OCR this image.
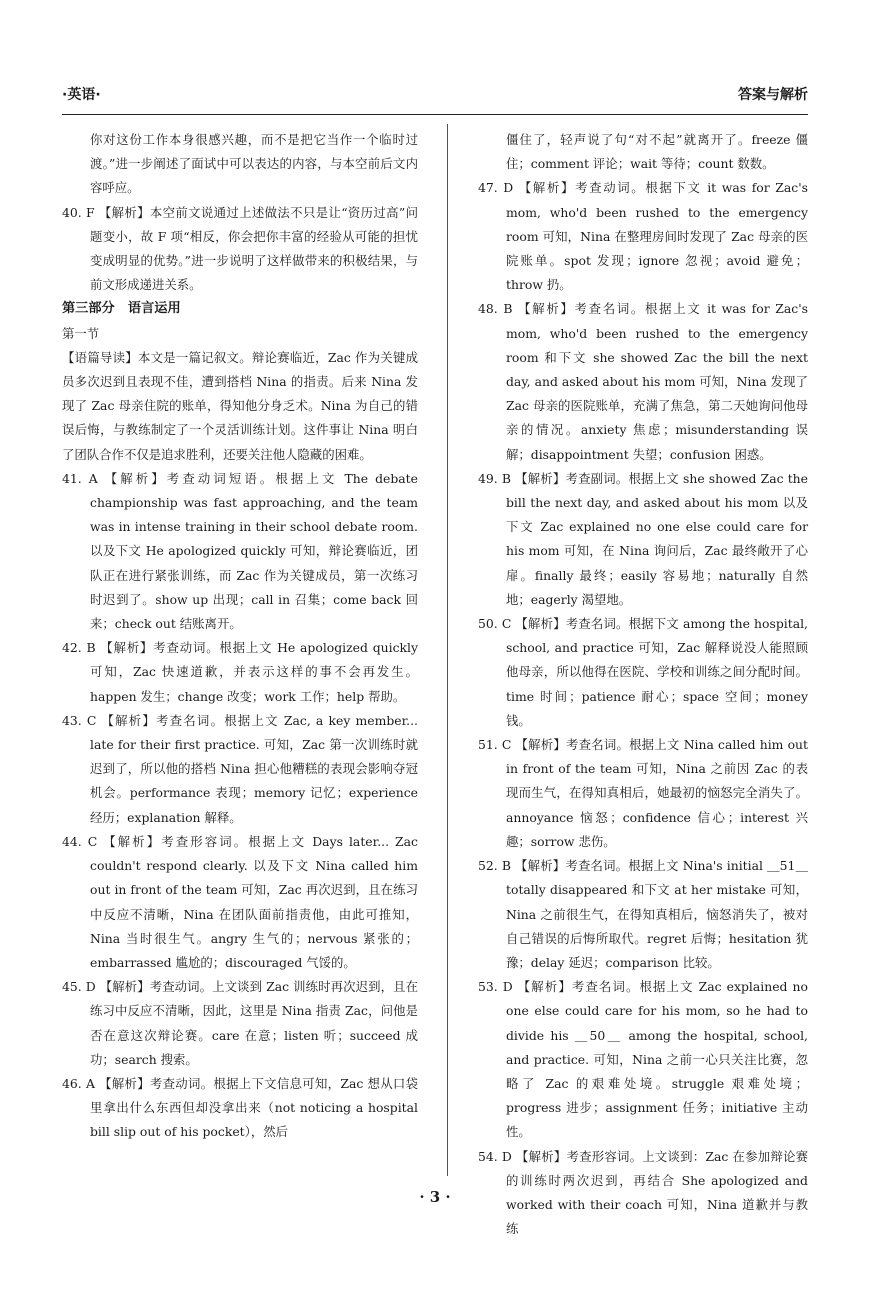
·英语·	答案与解析

你对这份工作本身很感兴趣，而不是把它当作一个临时过渡。”进一步阐述了面试中可以表达的内容，与本空前后文内容呼应。

40. F 【解析】本空前文说通过上述做法不只是让“资历过高”问题变小，故 F 项“相反，你会把你丰富的经验从可能的担忧变成明显的优势。”进一步说明了这样做带来的积极结果，与前文形成递进关系。

第三部分　语言运用

第一节

【语篇导读】本文是一篇记叙文。辩论赛临近，Zac 作为关键成员多次迟到且表现不佳，遭到搭档 Nina 的指责。后来 Nina 发现了 Zac 母亲住院的账单，得知他分身乏术。Nina 为自己的错误后悔，与教练制定了一个灵活训练计划。这件事让 Nina 明白了团队合作不仅是追求胜利，还要关注他人隐藏的困难。

41. A 【解析】考查动词短语。根据上文 The debate championship was fast approaching, and the team was in intense training in their school debate room. 以及下文 He apologized quickly 可知，辩论赛临近，团队正在进行紧张训练，而 Zac 作为关键成员，第一次练习时迟到了。show up 出现；call in 召集；come back 回来；check out 结账离开。

42. B 【解析】考查动词。根据上文 He apologized quickly 可知，Zac 快速道歉，并表示这样的事不会再发生。happen 发生；change 改变；work 工作；help 帮助。

43. C 【解析】考查名词。根据上文 Zac, a key member... late for their first practice. 可知，Zac 第一次训练时就迟到了，所以他的搭档 Nina 担心他糟糕的表现会影响夺冠机会。performance 表现；memory 记忆；experience 经历；explanation 解释。

44. C 【解析】考查形容词。根据上文 Days later... Zac couldn't respond clearly. 以及下文 Nina called him out in front of the team 可知，Zac 再次迟到，且在练习中反应不清晰，Nina 在团队面前指责他，由此可推知，Nina 当时很生气。angry 生气的；nervous 紧张的；embarrassed 尴尬的；discouraged 气馁的。

45. D 【解析】考查动词。上文谈到 Zac 训练时再次迟到，且在练习中反应不清晰，因此，这里是 Nina 指责 Zac，问他是否在意这次辩论赛。care 在意；listen 听；succeed 成功；search 搜索。

46. A 【解析】考查动词。根据上下文信息可知，Zac 想从口袋里拿出什么东西但却没拿出来（not noticing a hospital bill slip out of his pocket），然后

僵住了，轻声说了句“对不起”就离开了。freeze 僵住；comment 评论；wait 等待；count 数数。

47. D 【解析】考查动词。根据下文 it was for Zac's mom, who'd been rushed to the emergency room 可知，Nina 在整理房间时发现了 Zac 母亲的医院账单。spot 发现；ignore 忽视；avoid 避免；throw 扔。

48. B 【解析】考查名词。根据上文 it was for Zac's mom, who'd been rushed to the emergency room 和下文 she showed Zac the bill the next day, and asked about his mom 可知，Nina 发现了 Zac 母亲的医院账单，充满了焦急，第二天她询问他母亲的情况。anxiety 焦虑；misunderstanding 误解；disappointment 失望；confusion 困惑。

49. B 【解析】考查副词。根据上文 she showed Zac the bill the next day, and asked about his mom 以及下文 Zac explained no one else could care for his mom 可知，在 Nina 询问后，Zac 最终敞开了心扉。finally 最终；easily 容易地；naturally 自然地；eagerly 渴望地。

50. C 【解析】考查名词。根据下文 among the hospital, school, and practice 可知，Zac 解释说没人能照顾他母亲，所以他得在医院、学校和训练之间分配时间。time 时间；patience 耐心；space 空间；money 钱。

51. C 【解析】考查名词。根据上文 Nina called him out in front of the team 可知，Nina 之前因 Zac 的表现而生气，在得知真相后，她最初的恼怒完全消失了。annoyance 恼怒；confidence 信心；interest 兴趣；sorrow 悲伤。

52. B 【解析】考查名词。根据上文 Nina's initial ＿51＿ totally disappeared 和下文 at her mistake 可知，Nina 之前很生气，在得知真相后，恼怒消失了，被对自己错误的后悔所取代。regret 后悔；hesitation 犹豫；delay 延迟；comparison 比较。

53. D 【解析】考查名词。根据上文 Zac explained no one else could care for his mom, so he had to divide his ＿50＿ among the hospital, school, and practice. 可知，Nina 之前一心只关注比赛，忽略了 Zac 的艰难处境。struggle 艰难处境；progress 进步；assignment 任务；initiative 主动性。

54. D 【解析】考查形容词。上文谈到：Zac 在参加辩论赛的训练时两次迟到，再结合 She apologized and worked with their coach 可知，Nina 道歉并与教练

· 3 ·
